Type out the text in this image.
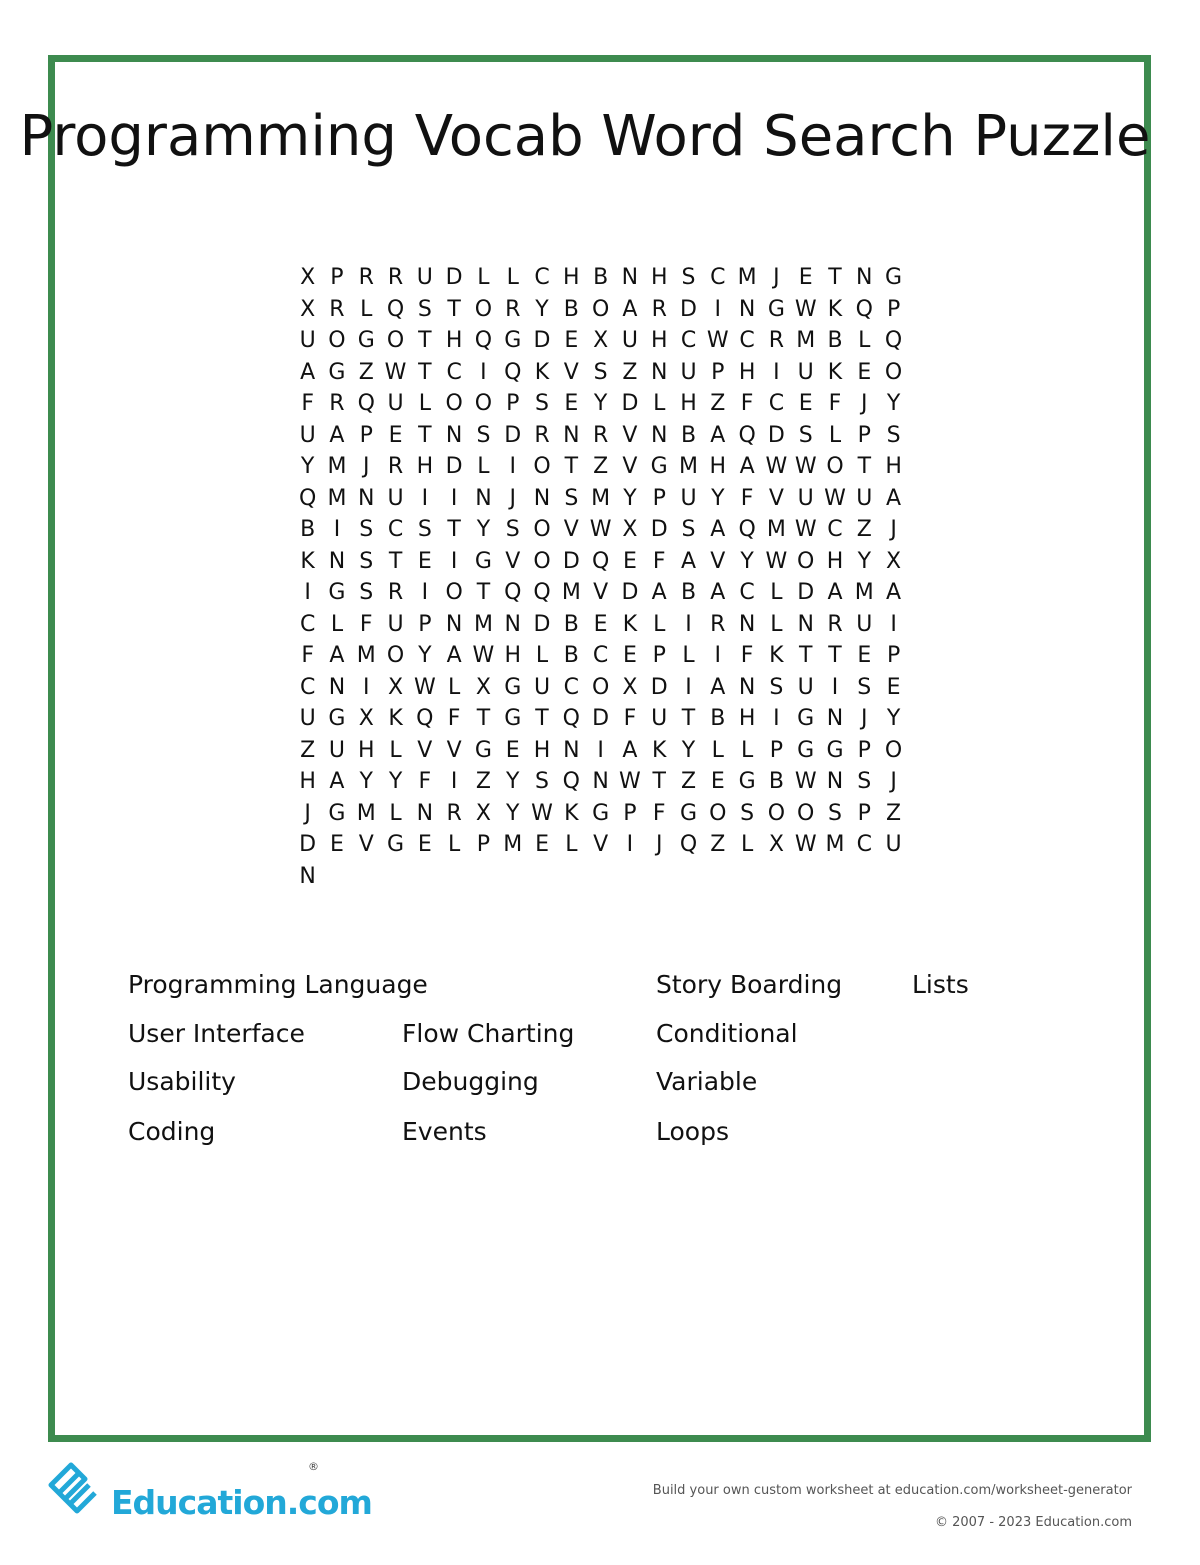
Programming Vocab Word Search Puzzle
X P R R U D L L C H B N H S C M J E T N G
X R L Q S T O R Y B O A R D I N G W K Q P
U O G O T H Q G D E X U H C W C R M B L Q
A G Z W T C I Q K V S Z N U P H I U K E O
F R Q U L O O P S E Y D L H Z F C E F J Y
U A P E T N S D R N R V N B A Q D S L P S
Y M J R H D L I O T Z V G M H A W W O T H
Q M N U I	I N J N S M Y P U Y F V U W U A
B I S C S T Y S O V W X D S A Q M W C Z J
K N S T E I G V O D Q E F A V Y W O H Y X
I G S R I O T Q Q M V D A B A C L D A M A
C L F U P N M N D B E K L I R N L N R U I
F A M O Y A W H L B C E P L I F K T T E P
C N I X W L X G U C O X D I A N S U I S E
U G X K Q F T G T Q D F U T B H I G N J Y
Z U H L V V G E H N I A K Y L L P G G P O
H A Y Y F I Z Y S Q N W T Z E G B W N S J
J G M L N R X Y W K G P F G O S O O S P Z
D E V G E L P M E L V I	J Q Z L X W M C U
N
Programming Language	Story Boarding	Lists
User Interface	Flow Charting	Conditional
Usability	Debugging	Variable
Coding	Events	Loops
Education.com
®
Build your own custom worksheet at education.com/worksheet-generator
© 2007 - 2023 Education.com
